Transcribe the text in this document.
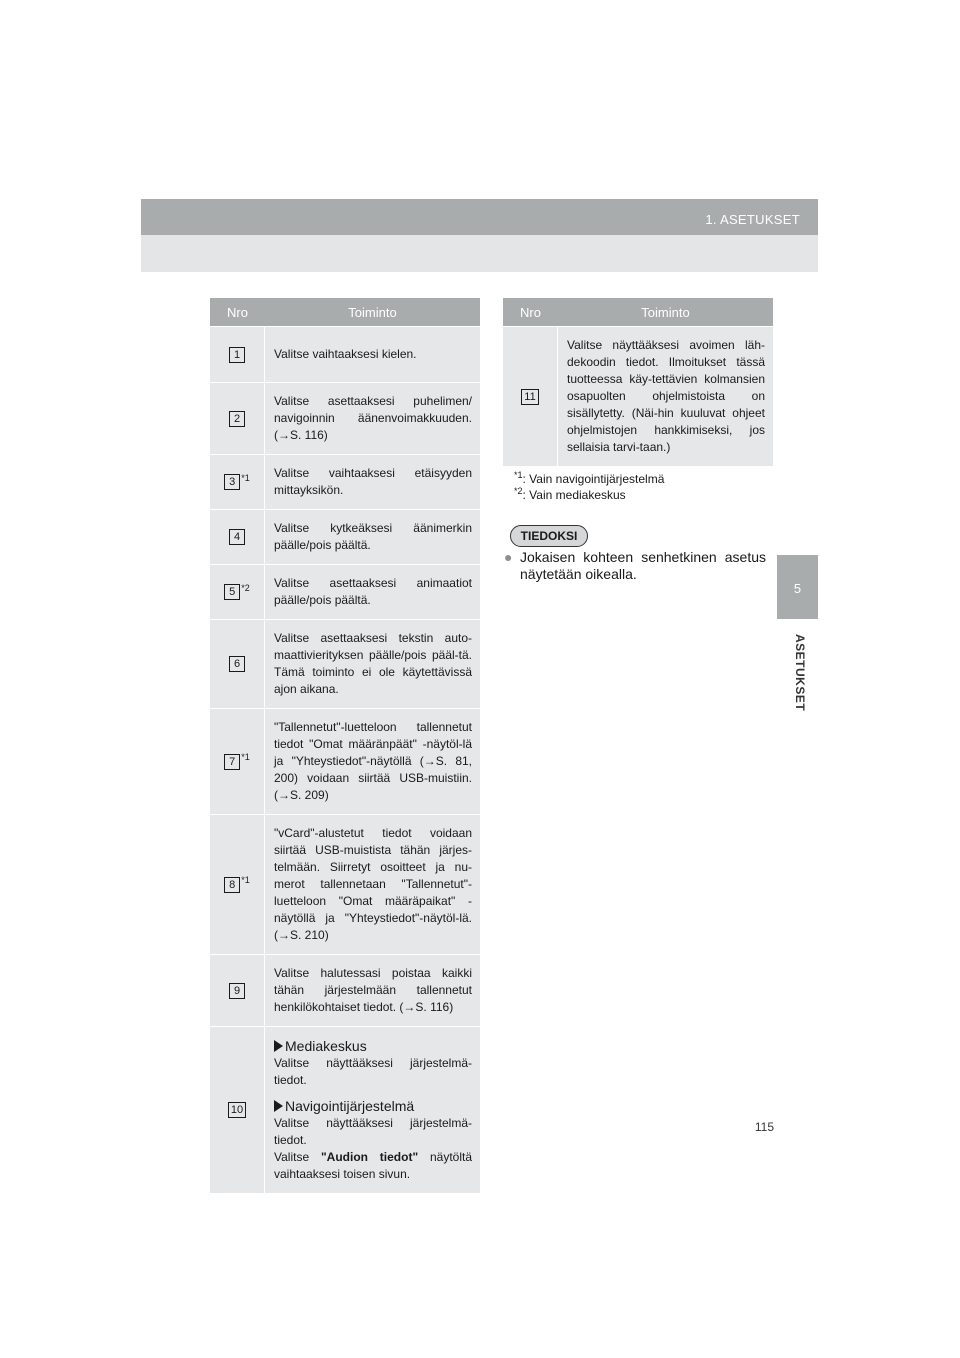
1. ASETUKSET
5
ASETUKSET
Nro	Toiminto
1	Valitse vaihtaaksesi kielen.
2	Valitse asettaaksesi puhelimen/ navigoinnin äänenvoimakkuuden. (→S. 116)
3 $^{*1}$	Valitse vaihtaaksesi etäisyyden mittayksikön.
4	Valitse kytkeäksesi äänimerkin päälle/pois päältä.
5 $^{*2}$	Valitse asettaaksesi animaatiot päälle/pois päältä.
6	Valitse asettaaksesi tekstin auto-maattivierityksen päälle/pois pääl-tä. Tämä toiminto ei ole käytettävissä ajon aikana.
7 $^{*1}$	"Tallennetut"-luetteloon tallennetut tiedot "Omat määränpäät" -näytöl-lä ja "Yhteystiedot"-näytöllä (→S. 81, 200) voidaan siirtää USB-muistiin. (→S. 209)
8 $^{*1}$	"vCard"-alustetut tiedot voidaan siirtää USB-muistista tähän järjes-telmään. Siirretyt osoitteet ja nu-merot tallennetaan "Tallennetut"-luetteloon "Omat määräpaikat" -näytöllä ja "Yhteystiedot"-näytöl-lä. (→S. 210)
9	Valitse halutessasi poistaa kaikki tähän järjestelmään tallennetut henkilökohtaiset tiedot. (→S. 116)
10	Mediakeskus
Valitse näyttääksesi järjestelmä-tiedot.
Navigointijärjestelmä
Valitse näyttääksesi järjestelmä-tiedot.
Valitse "Audion tiedot" näytöltä vaihtaaksesi toisen sivun.
Nro	Toiminto
11	Valitse näyttääksesi avoimen läh-dekoodin tiedot. Ilmoitukset tässä tuotteessa käy-tettävien kolmansien osapuolten ohjelmistoista on sisällytetty. (Näi-hin kuuluvat ohjeet ohjelmistojen hankkimiseksi, jos sellaisia tarvi-taan.)
$^{*1}$: Vain navigointijärjestelmä
$^{*2}$: Vain mediakeskus
TIEDOKSI
● Jokaisen kohteen senhetkinen asetus näytetään oikealla.
115
